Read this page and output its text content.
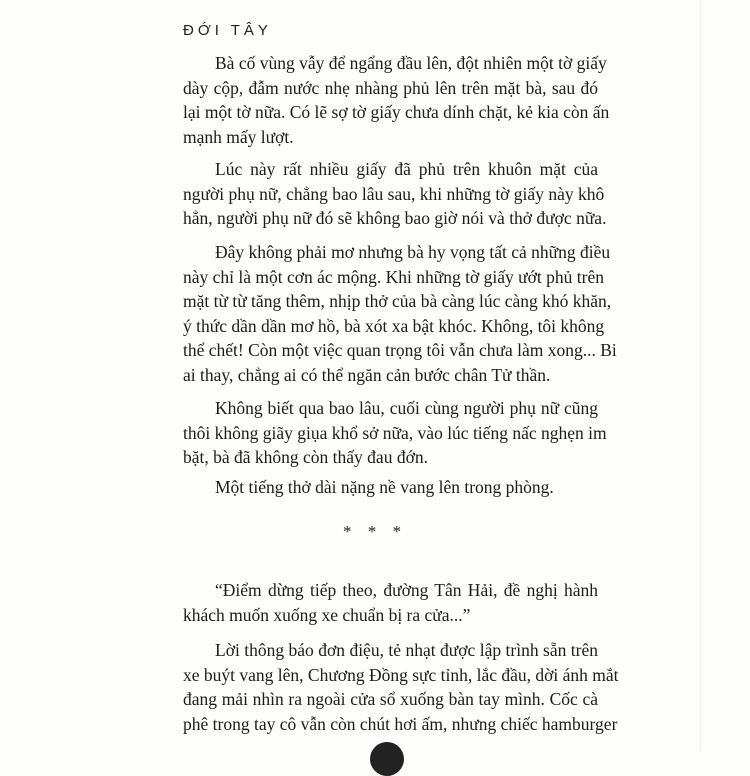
ĐỚI TÂY
Bà cố vùng vẫy để ngẩng đầu lên, đột nhiên một tờ giấy
dày cộp, đẫm nước nhẹ nhàng phủ lên trên mặt bà, sau đó
lại một tờ nữa. Có lẽ sợ tờ giấy chưa dính chặt, kẻ kia còn ấn
mạnh mấy lượt.
Lúc này rất nhiều giấy đã phủ trên khuôn mặt của
người phụ nữ, chẳng bao lâu sau, khi những tờ giấy này khô
hẳn, người phụ nữ đó sẽ không bao giờ nói và thở được nữa.
Đây không phải mơ nhưng bà hy vọng tất cả những điều
này chỉ là một cơn ác mộng. Khi những tờ giấy ướt phủ trên
mặt từ từ tăng thêm, nhịp thở của bà càng lúc càng khó khăn,
ý thức dần dần mơ hồ, bà xót xa bật khóc. Không, tôi không
thể chết! Còn một việc quan trọng tôi vẫn chưa làm xong... Bi
ai thay, chẳng ai có thể ngăn cản bước chân Tử thần.
Không biết qua bao lâu, cuối cùng người phụ nữ cũng
thôi không giãy giụa khổ sở nữa, vào lúc tiếng nấc nghẹn im
bặt, bà đã không còn thấy đau đớn.
Một tiếng thở dài nặng nề vang lên trong phòng.
“Điểm dừng tiếp theo, đường Tân Hải, đề nghị hành
khách muốn xuống xe chuẩn bị ra cửa...”
Lời thông báo đơn điệu, tẻ nhạt được lập trình sẵn trên
xe buýt vang lên, Chương Đồng sực tỉnh, lắc đầu, dời ánh mắt
đang mải nhìn ra ngoài cửa sổ xuống bàn tay mình. Cốc cà
phê trong tay cô vẫn còn chút hơi ấm, nhưng chiếc hamburger
* * *
